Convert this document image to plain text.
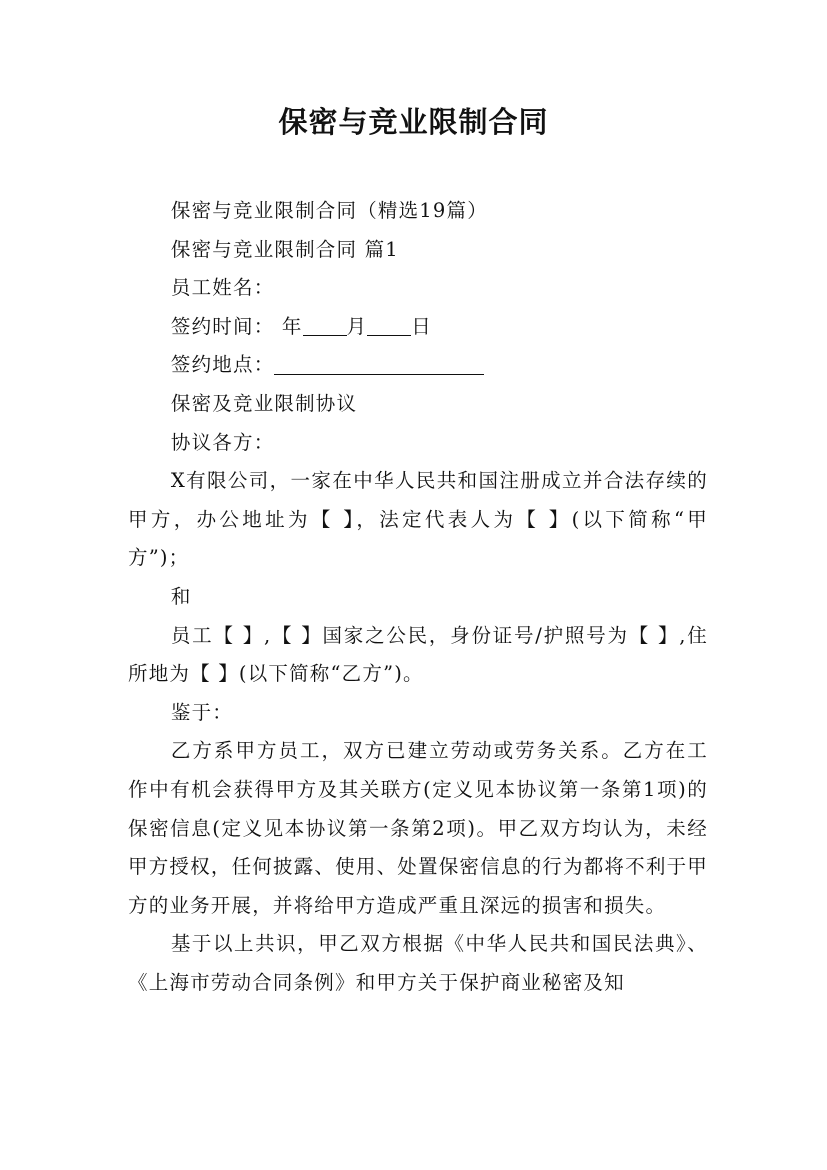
保密与竞业限制合同

保密与竞业限制合同（精选19篇）

保密与竞业限制合同 篇1

员工姓名：

签约时间： 年 月 日

签约地点：

保密及竞业限制协议

协议各方：

X有限公司，一家在中华人民共和国注册成立并合法存续的甲方，办公地址为【 】，法定代表人为【 】(以下简称“甲方”)；

和

员工【 】,【 】国家之公民，身份证号/护照号为【 】,住所地为【 】(以下简称“乙方”)。

鉴于：

乙方系甲方员工，双方已建立劳动或劳务关系。乙方在工作中有机会获得甲方及其关联方(定义见本协议第一条第1项)的保密信息(定义见本协议第一条第2项)。甲乙双方均认为，未经甲方授权，任何披露、使用、处置保密信息的行为都将不利于甲方的业务开展，并将给甲方造成严重且深远的损害和损失。

基于以上共识，甲乙双方根据《中华人民共和国民法典》、《上海市劳动合同条例》和甲方关于保护商业秘密及知
